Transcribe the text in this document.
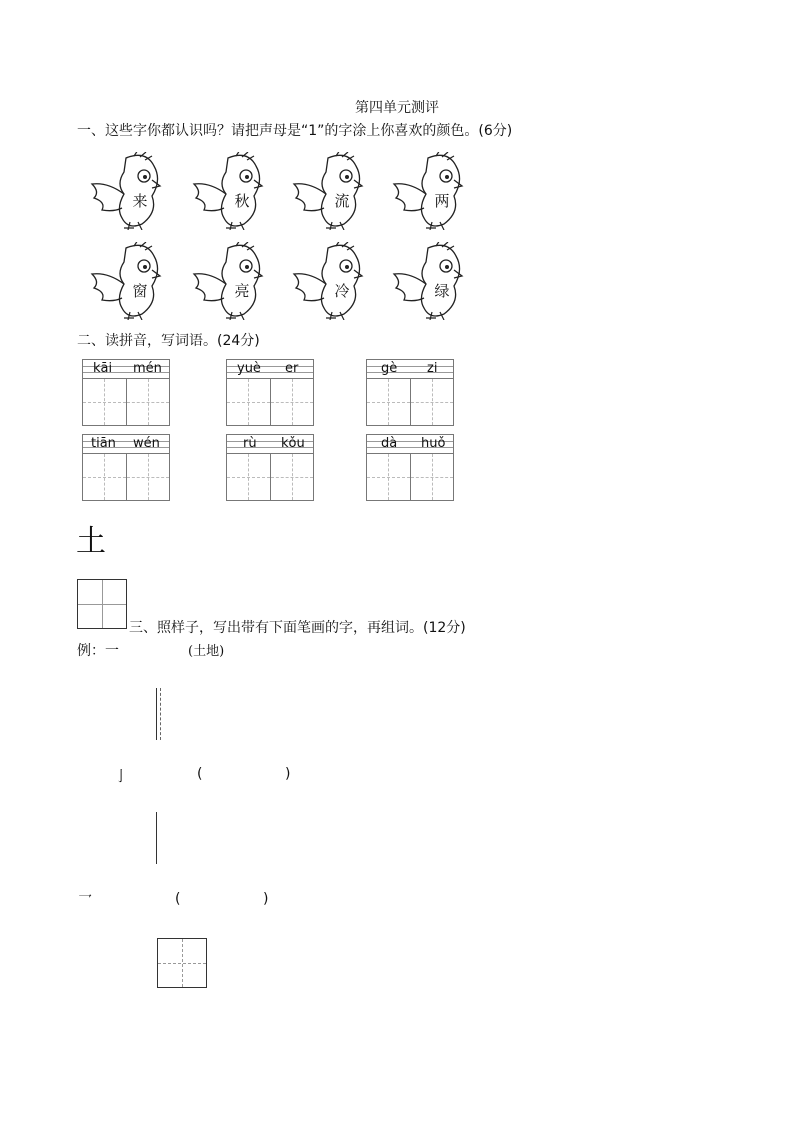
第四单元测评
一、这些字你都认识吗？请把声母是“1”的字涂上你喜欢的颜色。(6分)
来	秋	流	两
窗	亮	冷	绿
二、读拼音，写词语。(24分)
kāi mén	yuè er	gè zi
tiān wén	rù kǒu	dà huǒ
土
三、照样子，写出带有下面笔画的字，再组词。(12分)
例：一	(土地)
亅	(	)
乛	(	)
